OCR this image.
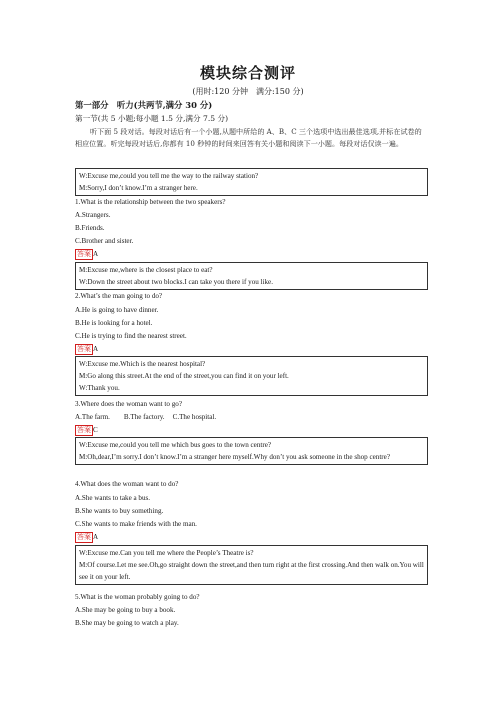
模块综合测评
(用时:120 分钟　满分:150 分)
第一部分　听力(共两节,满分 30 分)
第一节(共 5 小题;每小题 1.5 分,满分 7.5 分)
听下面 5 段对话。每段对话后有一个小题,从题中所给的 A、B、C 三个选项中选出最佳选项,并标在试卷的相应位置。听完每段对话后,你都有 10 秒钟的时间来回答有关小题和阅读下一小题。每段对话仅读一遍。
W:Excuse me,could you tell me the way to the railway station?
M:Sorry,I don’t know.I’m a stranger here.
1.What is the relationship between the two speakers?
A.Strangers.
B.Friends.
C.Brother and sister.
答案 A
M:Excuse me,where is the closest place to eat?
W:Down the street about two blocks.I can take you there if you like.
2.What’s the man going to do?
A.He is going to have dinner.
B.He is looking for a hotel.
C.He is trying to find the nearest street.
答案 A
W:Excuse me.Which is the nearest hospital?
M:Go along this street.At the end of the street,you can find it on your left.
W:Thank you.
3.Where does the woman want to go?
A.The farm. B.The factory. C.The hospital.
答案 C
W:Excuse me,could you tell me which bus goes to the town centre?
M:Oh,dear,I’m sorry.I don’t know.I’m a stranger here myself.Why don’t you ask someone in the shop centre?
4.What does the woman want to do?
A.She wants to take a bus.
B.She wants to buy something.
C.She wants to make friends with the man.
答案 A
W:Excuse me.Can you tell me where the People’s Theatre is?
M:Of course.Let me see.Oh,go straight down the street,and then turn right at the first crossing.And then walk on.You will see it on your left.
5.What is the woman probably going to do?
A.She may be going to buy a book.
B.She may be going to watch a play.
